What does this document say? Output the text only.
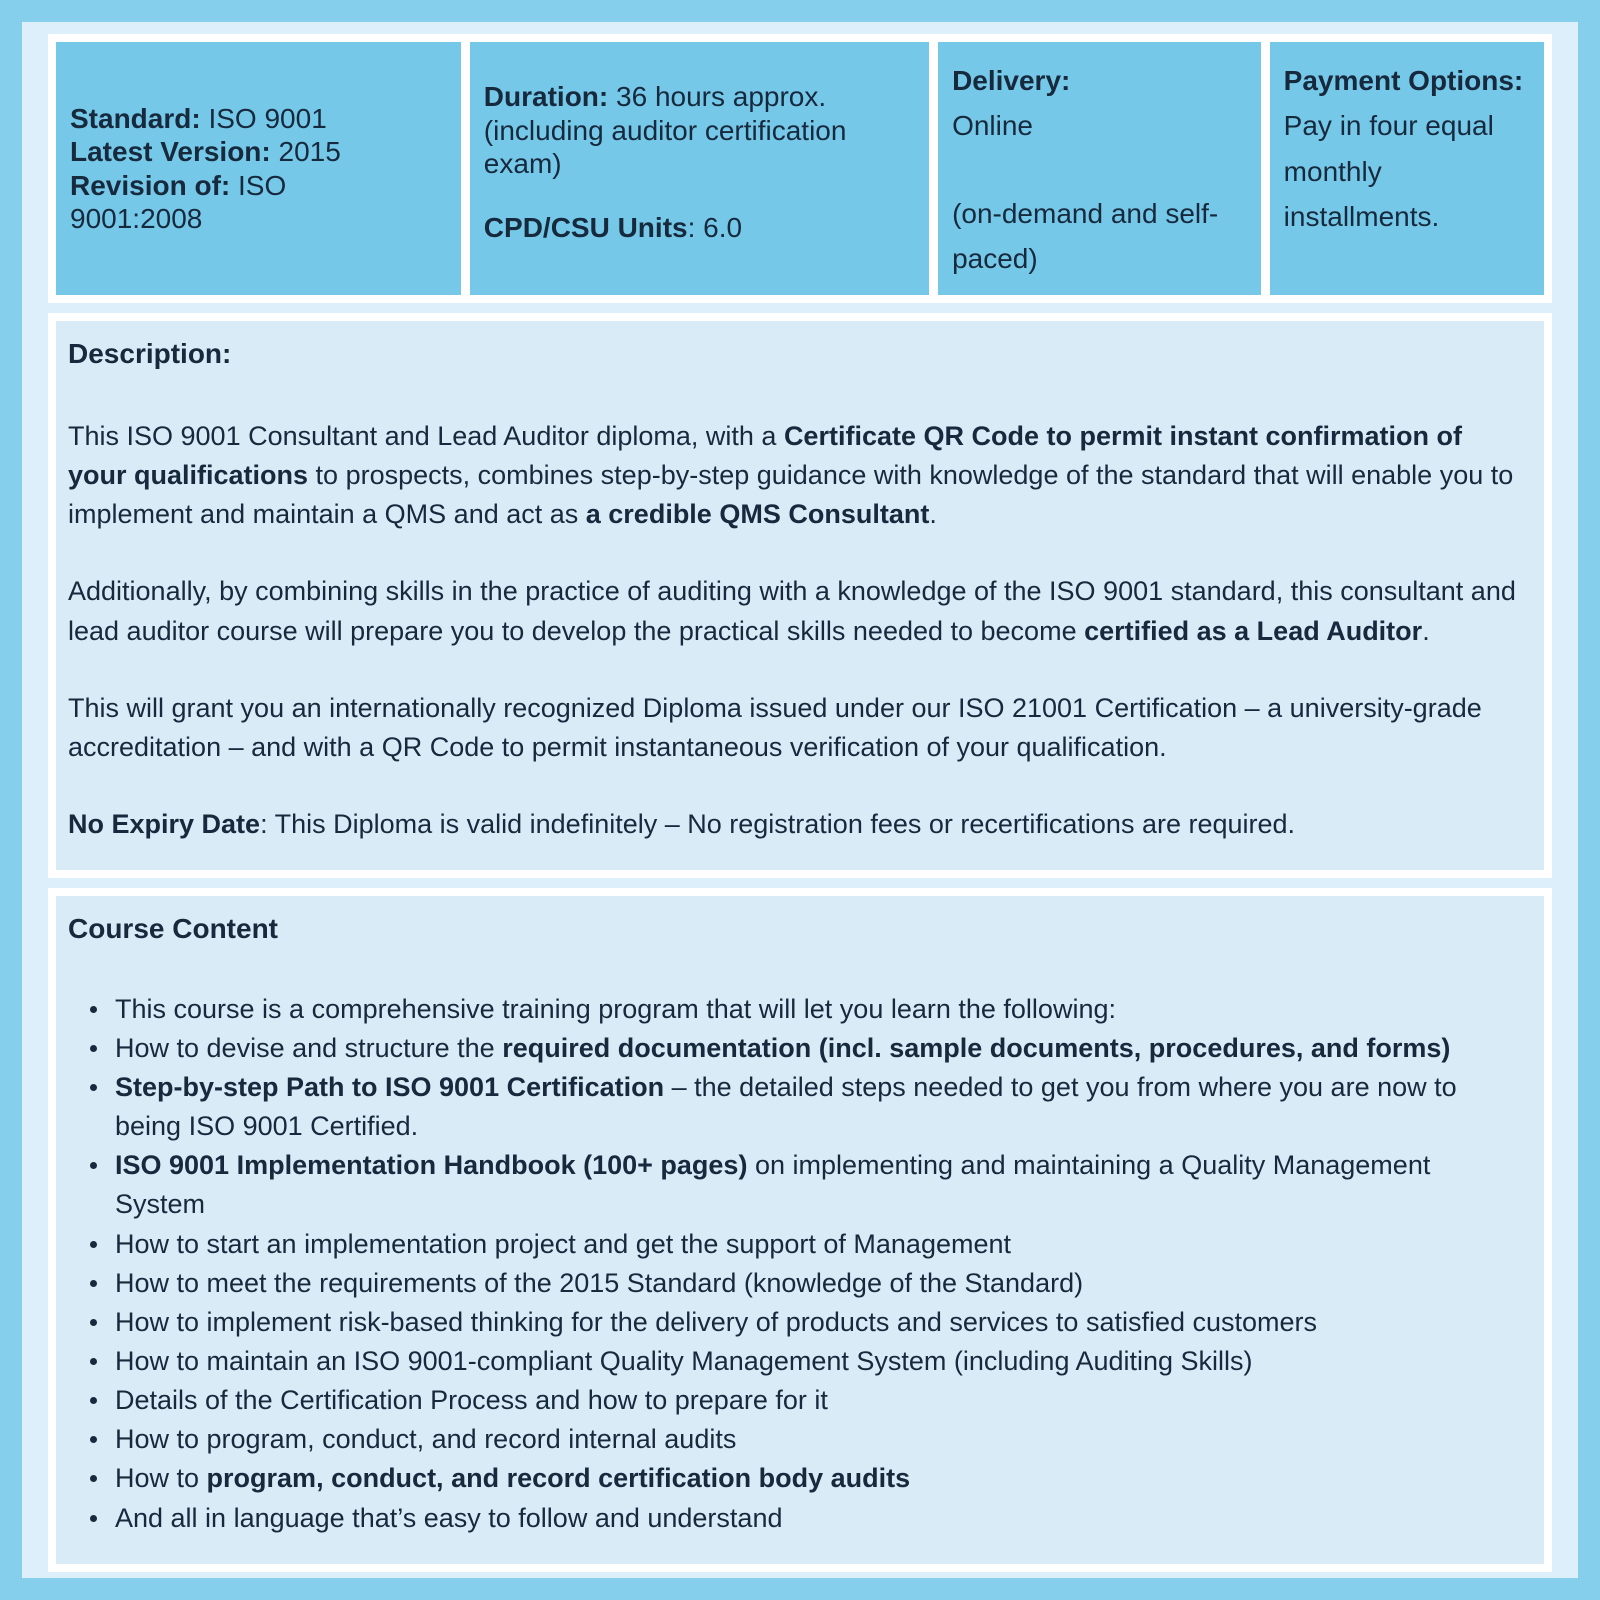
Standard: ISO 9001
Latest Version: 2015
Revision of: ISO 9001:2008
Duration: 36 hours approx. (including auditor certification exam)
CPD/CSU Units: 6.0
Delivery:
Online
(on-demand and self-paced)
Payment Options:
Pay in four equal monthly installments.
Description:
This ISO 9001 Consultant and Lead Auditor diploma, with a Certificate QR Code to permit instant confirmation of your qualifications to prospects, combines step-by-step guidance with knowledge of the standard that will enable you to implement and maintain a QMS and act as a credible QMS Consultant.
Additionally, by combining skills in the practice of auditing with a knowledge of the ISO 9001 standard, this consultant and lead auditor course will prepare you to develop the practical skills needed to become certified as a Lead Auditor.
This will grant you an internationally recognized Diploma issued under our ISO 21001 Certification – a university-grade accreditation – and with a QR Code to permit instantaneous verification of your qualification.
No Expiry Date: This Diploma is valid indefinitely – No registration fees or recertifications are required.
Course Content
This course is a comprehensive training program that will let you learn the following:
How to devise and structure the required documentation (incl. sample documents, procedures, and forms)
Step-by-step Path to ISO 9001 Certification – the detailed steps needed to get you from where you are now to being ISO 9001 Certified.
ISO 9001 Implementation Handbook (100+ pages) on implementing and maintaining a Quality Management System
How to start an implementation project and get the support of Management
How to meet the requirements of the 2015 Standard (knowledge of the Standard)
How to implement risk-based thinking for the delivery of products and services to satisfied customers
How to maintain an ISO 9001-compliant Quality Management System (including Auditing Skills)
Details of the Certification Process and how to prepare for it
How to program, conduct, and record internal audits
How to program, conduct, and record certification body audits
And all in language that’s easy to follow and understand
